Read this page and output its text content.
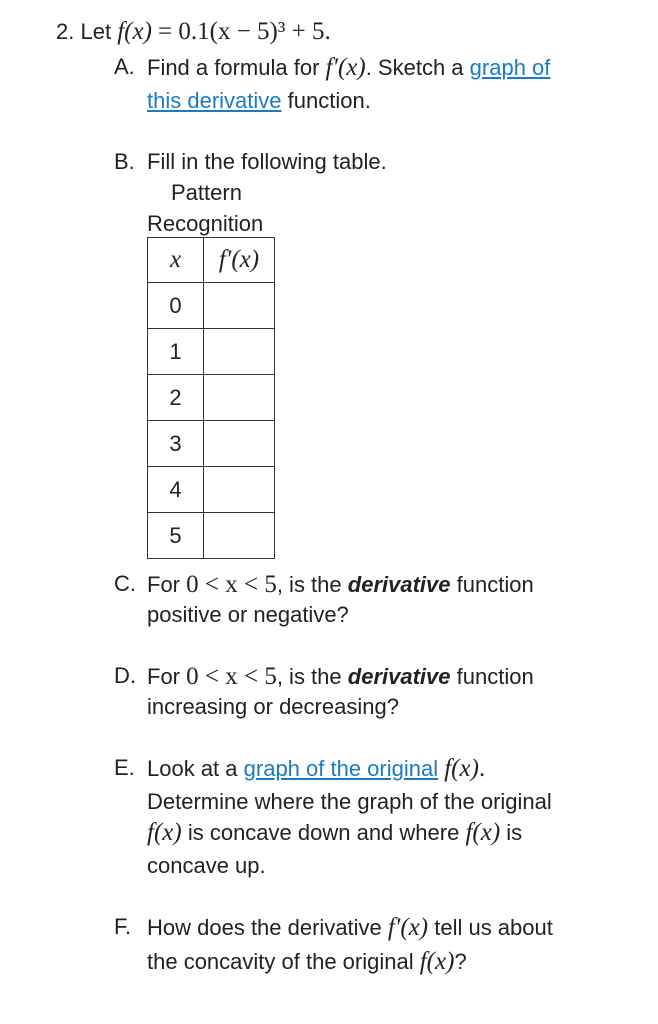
2. Let f(x) = 0.1(x − 5)³ + 5.
A. Find a formula for f′(x). Sketch a graph of
this derivative function.
B. Fill in the following table.
Pattern
Recognition
x	f′(x)
0	
1	
2	
3	
4	
5	
C. For 0 < x < 5, is the derivative function
positive or negative?
D. For 0 < x < 5, is the derivative function
increasing or decreasing?
E. Look at a graph of the original f(x).
Determine where the graph of the original
f(x) is concave down and where f(x) is
concave up.
F. How does the derivative f′(x) tell us about
the concavity of the original f(x)?
